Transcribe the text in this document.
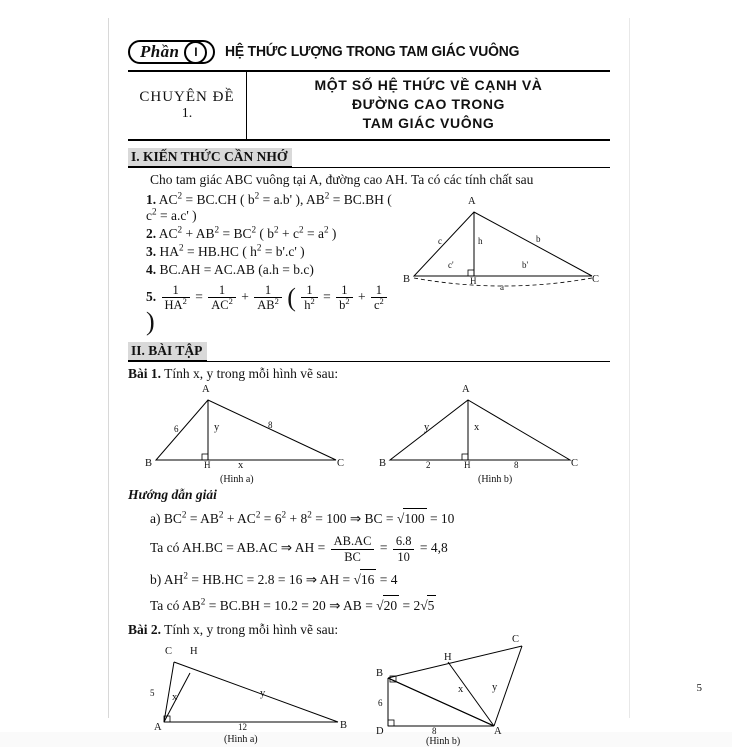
Phần	I	HỆ THỨC LƯỢNG TRONG TAM GIÁC VUÔNG
CHUYÊN ĐỀ
1.
MỘT SỐ HỆ THỨC VỀ CẠNH VÀ
ĐƯỜNG CAO TRONG
TAM GIÁC VUÔNG
I. KIẾN THỨC CẦN NHỚ
Cho tam giác ABC vuông tại A, đường cao AH. Ta có các tính chất sau
1. $AC^2 = BC.CH$ ( $b^2 = a.b'$ ), $AB^2 = BC.BH$ ( $c^2 = a.c'$ )
2. $AC^2 + AB^2 = BC^2$ ( $b^2 + c^2 = a^2$ )
3. $HA^2 = HB.HC$ ( $h^2 = b'.c'$ )
4. BC.AH = AC.AB (a.h = b.c)
5. $\frac{1}{HA^2} = \frac{1}{AC^2} + \frac{1}{AB^2}$ ( $\frac{1}{h^2} = \frac{1}{b^2} + \frac{1}{c^2}$
)
A
B	C
H
h	b
c
c'	b'
a
II. BÀI TẬP
Bài 1. Tính x, y trong mỗi hình vẽ sau:
A
B	C
H
6	y	8
x
(Hình a)
A
B	C
H
y	x
2	8
(Hình b)
Hướng dẫn giải
a) $BC^2 = AB^2 + AC^2 = 6^2 + 8^2 = 100$ ⇒ BC = √100 = 10
Ta có AH.BC = AB.AC ⇒ AH = $\frac{AB.AC}{BC} = \frac{6.8}{10} = 4,8$
b) $AH^2 = HB.HC = 2.8 = 16$ ⇒ AH = √16 = 4
Ta có $AB^2 = BC.BH = 10.2 = 20$ ⇒ AB = √20 = 2√5
Bài 2. Tính x, y trong mỗi hình vẽ sau:
C H
A	B
5 x	y
12
(Hình a)
C
H
B
D	A
x	y
6
8
(Hình b)
5
